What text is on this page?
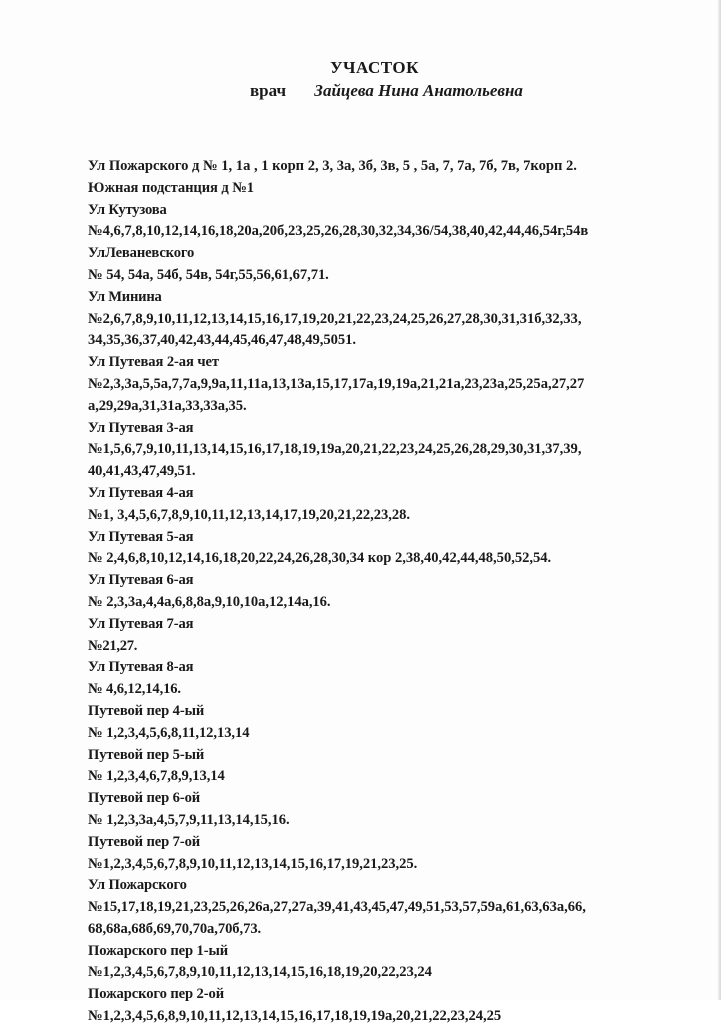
УЧАСТОК
врач Зайцева Нина Анатольевна
Ул Пожарского д № 1, 1а , 1 корп 2, 3, 3а, 3б, 3в, 5 , 5а, 7, 7а, 7б, 7в, 7корп 2.
Южная подстанция д №1
Ул Кутузова
№4,6,7,8,10,12,14,16,18,20а,20б,23,25,26,28,30,32,34,36/54,38,40,42,44,46,54г,54в
УлЛеваневского
№ 54, 54а, 54б, 54в, 54г,55,56,61,67,71.
Ул Минина
№2,6,7,8,9,10,11,12,13,14,15,16,17,19,20,21,22,23,24,25,26,27,28,30,31,31б,32,33,
34,35,36,37,40,42,43,44,45,46,47,48,49,5051.
Ул Путевая 2-ая чет
№2,3,3а,5,5а,7,7а,9,9а,11,11а,13,13а,15,17,17а,19,19а,21,21а,23,23а,25,25а,27,27
а,29,29а,31,31а,33,33а,35.
Ул Путевая 3-ая
№1,5,6,7,9,10,11,13,14,15,16,17,18,19,19а,20,21,22,23,24,25,26,28,29,30,31,37,39,
40,41,43,47,49,51.
Ул Путевая 4-ая
№1, 3,4,5,6,7,8,9,10,11,12,13,14,17,19,20,21,22,23,28.
Ул Путевая 5-ая
№ 2,4,6,8,10,12,14,16,18,20,22,24,26,28,30,34 кор 2,38,40,42,44,48,50,52,54.
Ул Путевая 6-ая
№ 2,3,3а,4,4а,6,8,8а,9,10,10а,12,14а,16.
Ул Путевая 7-ая
№21,27.
Ул Путевая 8-ая
№ 4,6,12,14,16.
Путевой пер 4-ый
№ 1,2,3,4,5,6,8,11,12,13,14
Путевой пер 5-ый
№ 1,2,3,4,6,7,8,9,13,14
Путевой пер 6-ой
№ 1,2,3,3а,4,5,7,9,11,13,14,15,16.
Путевой пер 7-ой
№1,2,3,4,5,6,7,8,9,10,11,12,13,14,15,16,17,19,21,23,25.
Ул Пожарского
№15,17,18,19,21,23,25,26,26а,27,27а,39,41,43,45,47,49,51,53,57,59а,61,63,63а,66,
68,68а,68б,69,70,70а,70б,73.
Пожарского пер 1-ый
№1,2,3,4,5,6,7,8,9,10,11,12,13,14,15,16,18,19,20,22,23,24
Пожарского пер 2-ой
№1,2,3,4,5,6,8,9,10,11,12,13,14,15,16,17,18,19,19а,20,21,22,23,24,25
